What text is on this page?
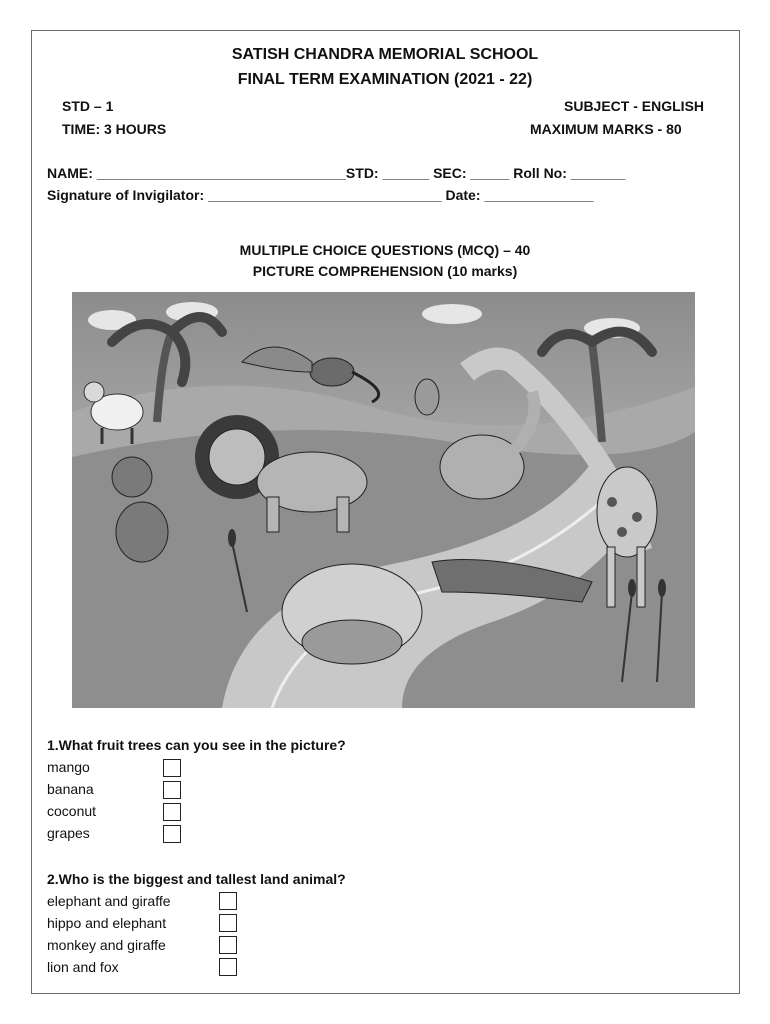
SATISH CHANDRA MEMORIAL SCHOOL
FINAL TERM EXAMINATION (2021 - 22)
STD – 1	SUBJECT - ENGLISH
TIME: 3 HOURS	MAXIMUM MARKS - 80
NAME: ________________________________STD: ______ SEC: _____ Roll No: _______
Signature of Invigilator: ______________________________ Date: ______________
MULTIPLE CHOICE QUESTIONS (MCQ) – 40
PICTURE COMPREHENSION (10 marks)
1.What fruit trees can you see in the picture?
mango
banana
coconut
grapes
2.Who is the biggest and tallest land animal?
elephant and giraffe
hippo and elephant
monkey and giraffe
lion and fox
